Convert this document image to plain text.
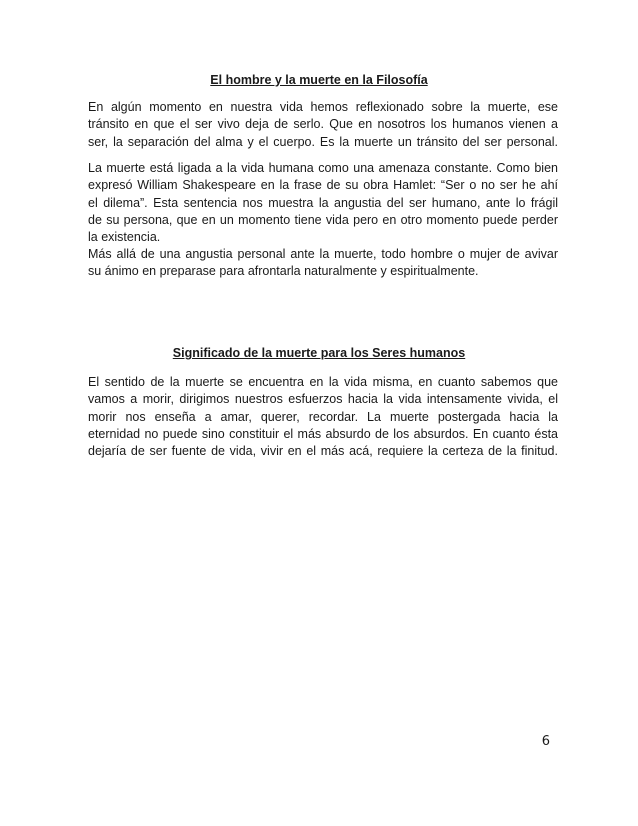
El hombre y la muerte en la Filosofía
En algún momento en nuestra vida hemos reflexionado sobre la muerte, ese
tránsito en que el ser vivo deja de serlo. Que en nosotros los humanos vienen a
ser, la separación del alma y el cuerpo. Es la muerte un tránsito del ser personal.
La muerte está ligada a la vida humana como una amenaza constante. Como bien
expresó William Shakespeare en la frase de su obra Hamlet: “Ser o no ser he ahí
el dilema”. Esta sentencia nos muestra la angustia del ser humano, ante lo frágil
de su persona, que en un momento tiene vida pero en otro momento puede perder
la existencia.
Más allá de una angustia personal ante la muerte, todo hombre o mujer de avivar
su ánimo en preparase para afrontarla naturalmente y espiritualmente.
Significado de la muerte para los Seres humanos
El sentido de la muerte se encuentra en la vida misma, en cuanto sabemos que
vamos a morir, dirigimos nuestros esfuerzos hacia la vida intensamente vivida, el
morir nos enseña a amar, querer, recordar. La muerte postergada hacia la
eternidad no puede sino constituir el más absurdo de los absurdos. En cuanto ésta
dejaría de ser fuente de vida, vivir en el más acá, requiere la certeza de la finitud.
6
